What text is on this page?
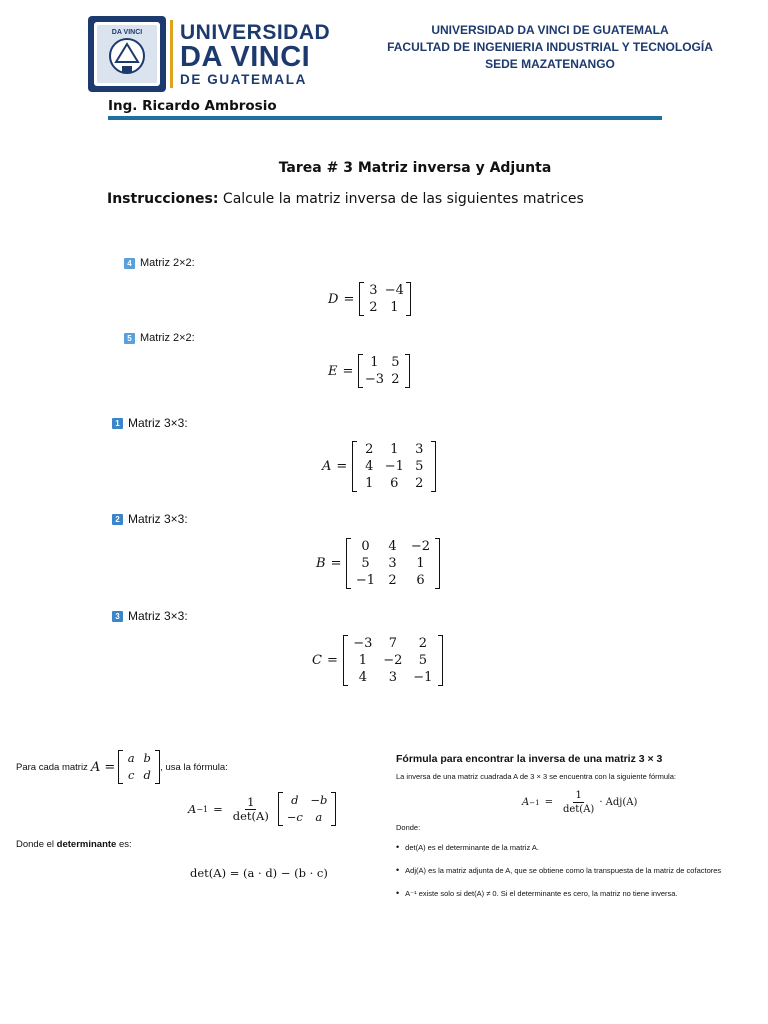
DA VINCI UNIVERSIDAD
DA VINCI
DE GUATEMALA
UNIVERSIDAD DA VINCI DE GUATEMALA
FACULTAD DE INGENIERIA INDUSTRIAL Y TECNOLOGÍA
SEDE MAZATENANGO
Ing. Ricardo Ambrosio
Tarea # 3 Matriz inversa y Adjunta
Instrucciones: Calcule la matriz inversa de las siguientes matrices
4 Matriz 2×2:
D =
3 −4
2 1
5 Matriz 2×2:
E =
1 5
−3 2
1 Matriz 3×3:
A =
2	1	3
4 −1 5
1	6	2
2 Matriz 3×3:
B =
0	4	−2
5	3	1
−1	2	6
3 Matriz 3×3:
C =
−3	7	2
1	−2	5
4	3	−1
Para cada matriz A =
a b
c d
, usa la fórmula:
$A -1 = \frac{1}{\det(A)}$	d	−b
−c	a
Donde el determinante es:
det(A) = (a · d) − (b · c)
Fórmula para encontrar la inversa de una matriz 3 × 3
La inversa de una matriz cuadrada A de 3 × 3 se encuentra con la siguiente fórmula:
$A -1 = \frac{1}{\det(A)} \cdot Adj(A)$
Donde:
• det(A) es el determinante de la matriz A.
• Adj(A) es la matriz adjunta de A, que se obtiene como la transpuesta de la matriz de cofactores
• A⁻¹ existe solo si det(A) ≠ 0. Si el determinante es cero, la matriz no tiene inversa.
